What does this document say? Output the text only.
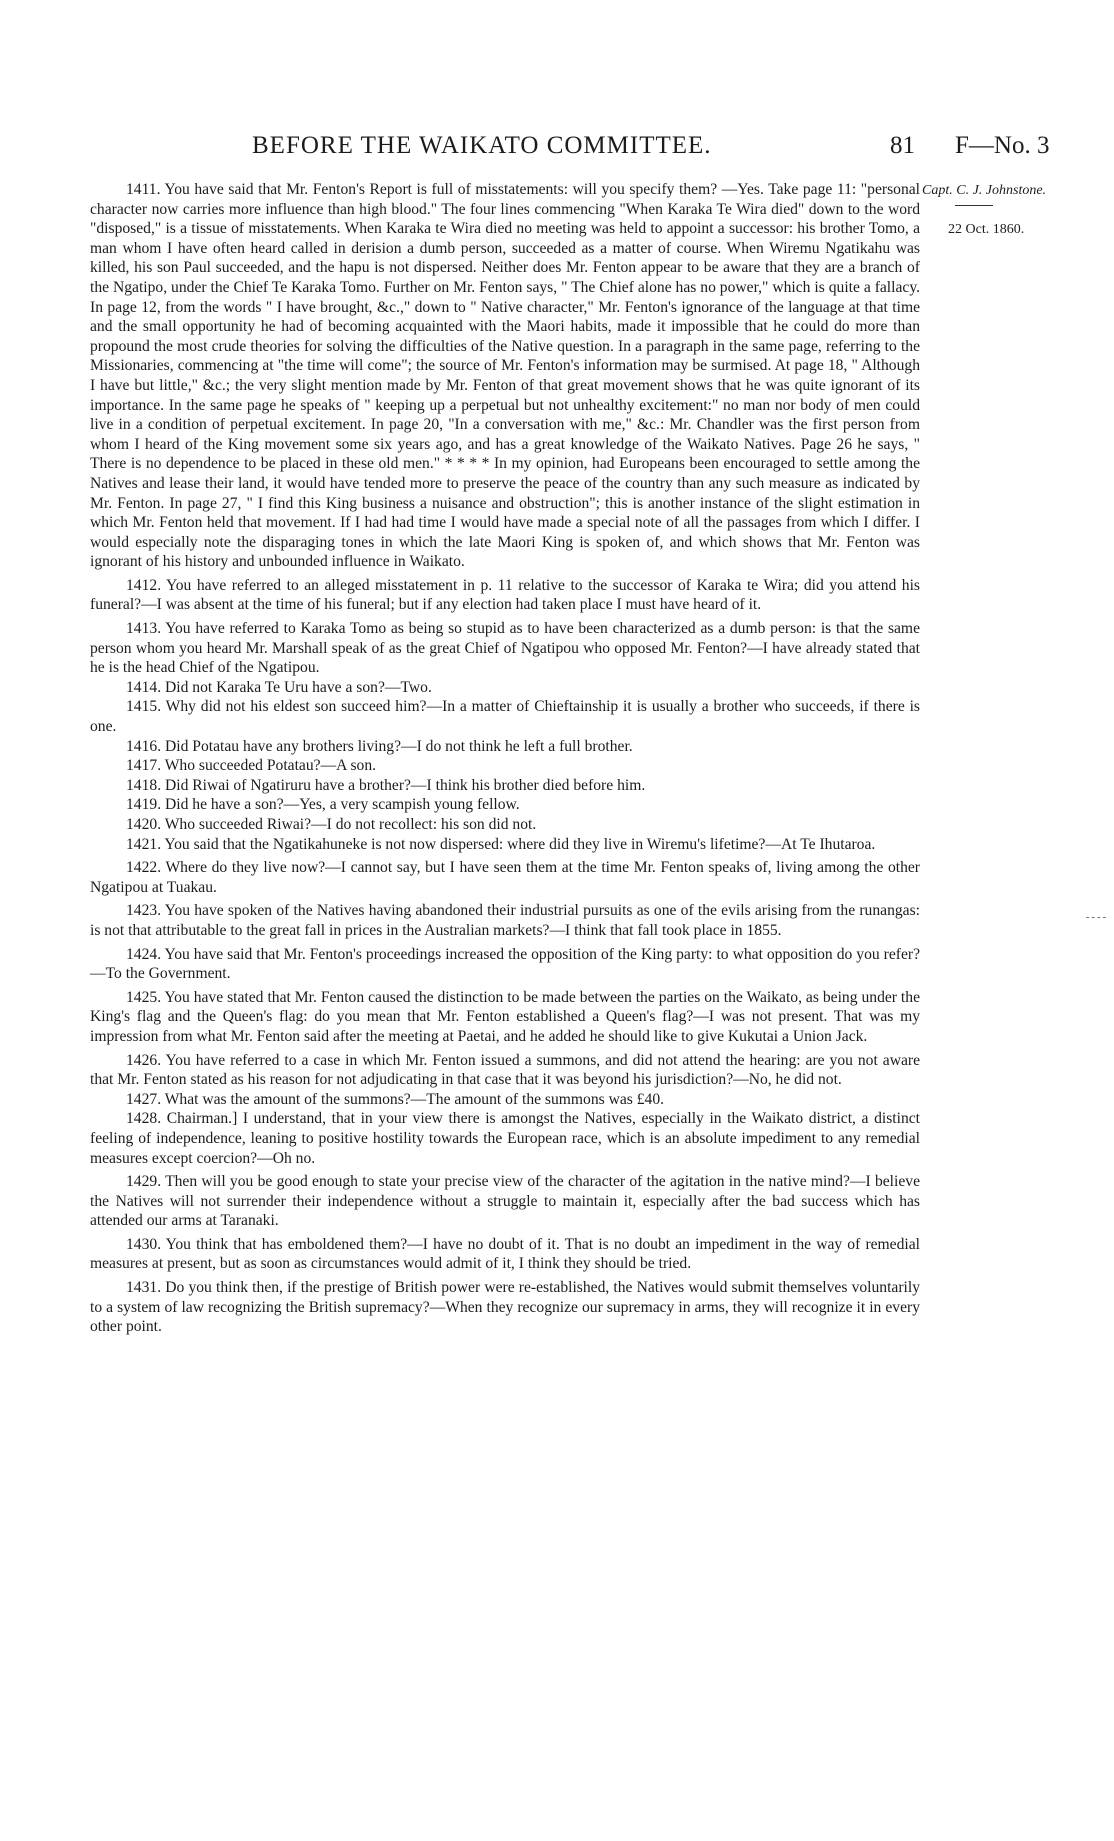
BEFORE THE WAIKATO COMMITTEE.	81 F—No. 3
Capt. C. J. Johnstone.
22 Oct. 1860.

1411. You have said that Mr. Fenton's Report is full of misstatements: will you specify them? —Yes. Take page 11: "personal character now carries more influence than high blood." The four lines commencing "When Karaka Te Wira died" down to the word "disposed," is a tissue of misstatements. When Karaka te Wira died no meeting was held to appoint a successor: his brother Tomo, a man whom I have often heard called in derision a dumb person, succeeded as a matter of course. When Wiremu Ngatikahu was killed, his son Paul succeeded, and the hapu is not dispersed. Neither does Mr. Fenton appear to be aware that they are a branch of the Ngatipo, under the Chief Te Karaka Tomo. Further on Mr. Fenton says, " The Chief alone has no power," which is quite a fallacy. In page 12, from the words " I have brought, &c.," down to " Native character," Mr. Fenton's ignorance of the language at that time and the small opportunity he had of becoming acquainted with the Maori habits, made it impossible that he could do more than propound the most crude theories for solving the difficulties of the Native question. In a paragraph in the same page, referring to the Missionaries, commencing at "the time will come"; the source of Mr. Fenton's information may be surmised. At page 18, " Although I have but little," &c.; the very slight mention made by Mr. Fenton of that great movement shows that he was quite ignorant of its importance. In the same page he speaks of " keeping up a perpetual but not unhealthy excitement:" no man nor body of men could live in a condition of perpetual excitement. In page 20, "In a conversation with me," &c.: Mr. Chandler was the first person from whom I heard of the King movement some six years ago, and has a great knowledge of the Waikato Natives. Page 26 he says, " There is no dependence to be placed in these old men." * * * * In my opinion, had Europeans been encouraged to settle among the Natives and lease their land, it would have tended more to preserve the peace of the country than any such measure as indicated by Mr. Fenton. In page 27, " I find this King business a nuisance and obstruction"; this is another instance of the slight estimation in which Mr. Fenton held that movement. If I had had time I would have made a special note of all the passages from which I differ. I would especially note the disparaging tones in which the late Maori King is spoken of, and which shows that Mr. Fenton was ignorant of his history and unbounded influence in Waikato.

1412. You have referred to an alleged misstatement in p. 11 relative to the successor of Karaka te Wira; did you attend his funeral?—I was absent at the time of his funeral; but if any election had taken place I must have heard of it.

1413. You have referred to Karaka Tomo as being so stupid as to have been characterized as a dumb person: is that the same person whom you heard Mr. Marshall speak of as the great Chief of Ngatipou who opposed Mr. Fenton?—I have already stated that he is the head Chief of the Ngatipou.

1414. Did not Karaka Te Uru have a son?—Two.

1415. Why did not his eldest son succeed him?—In a matter of Chieftainship it is usually a brother who succeeds, if there is one.

1416. Did Potatau have any brothers living?—I do not think he left a full brother.

1417. Who succeeded Potatau?—A son.

1418. Did Riwai of Ngatiruru have a brother?—I think his brother died before him.

1419. Did he have a son?—Yes, a very scampish young fellow.

1420. Who succeeded Riwai?—I do not recollect: his son did not.

1421. You said that the Ngatikahuneke is not now dispersed: where did they live in Wiremu's lifetime?—At Te Ihutaroa.

1422. Where do they live now?—I cannot say, but I have seen them at the time Mr. Fenton speaks of, living among the other Ngatipou at Tuakau.

1423. You have spoken of the Natives having abandoned their industrial pursuits as one of the evils arising from the runangas: is not that attributable to the great fall in prices in the Australian markets?—I think that fall took place in 1855.

1424. You have said that Mr. Fenton's proceedings increased the opposition of the King party: to what opposition do you refer?—To the Government.

1425. You have stated that Mr. Fenton caused the distinction to be made between the parties on the Waikato, as being under the King's flag and the Queen's flag: do you mean that Mr. Fenton established a Queen's flag?—I was not present. That was my impression from what Mr. Fenton said after the meeting at Paetai, and he added he should like to give Kukutai a Union Jack.

1426. You have referred to a case in which Mr. Fenton issued a summons, and did not attend the hearing: are you not aware that Mr. Fenton stated as his reason for not adjudicating in that case that it was beyond his jurisdiction?—No, he did not.

1427. What was the amount of the summons?—The amount of the summons was £40.

1428. Chairman.] I understand, that in your view there is amongst the Natives, especially in the Waikato district, a distinct feeling of independence, leaning to positive hostility towards the European race, which is an absolute impediment to any remedial measures except coercion?—Oh no.

1429. Then will you be good enough to state your precise view of the character of the agitation in the native mind?—I believe the Natives will not surrender their independence without a struggle to maintain it, especially after the bad success which has attended our arms at Taranaki.

1430. You think that has emboldened them?—I have no doubt of it. That is no doubt an impediment in the way of remedial measures at present, but as soon as circumstances would admit of it, I think they should be tried.

1431. Do you think then, if the prestige of British power were re-established, the Natives would submit themselves voluntarily to a system of law recognizing the British supremacy?—When they recognize our supremacy in arms, they will recognize it in every other point.
